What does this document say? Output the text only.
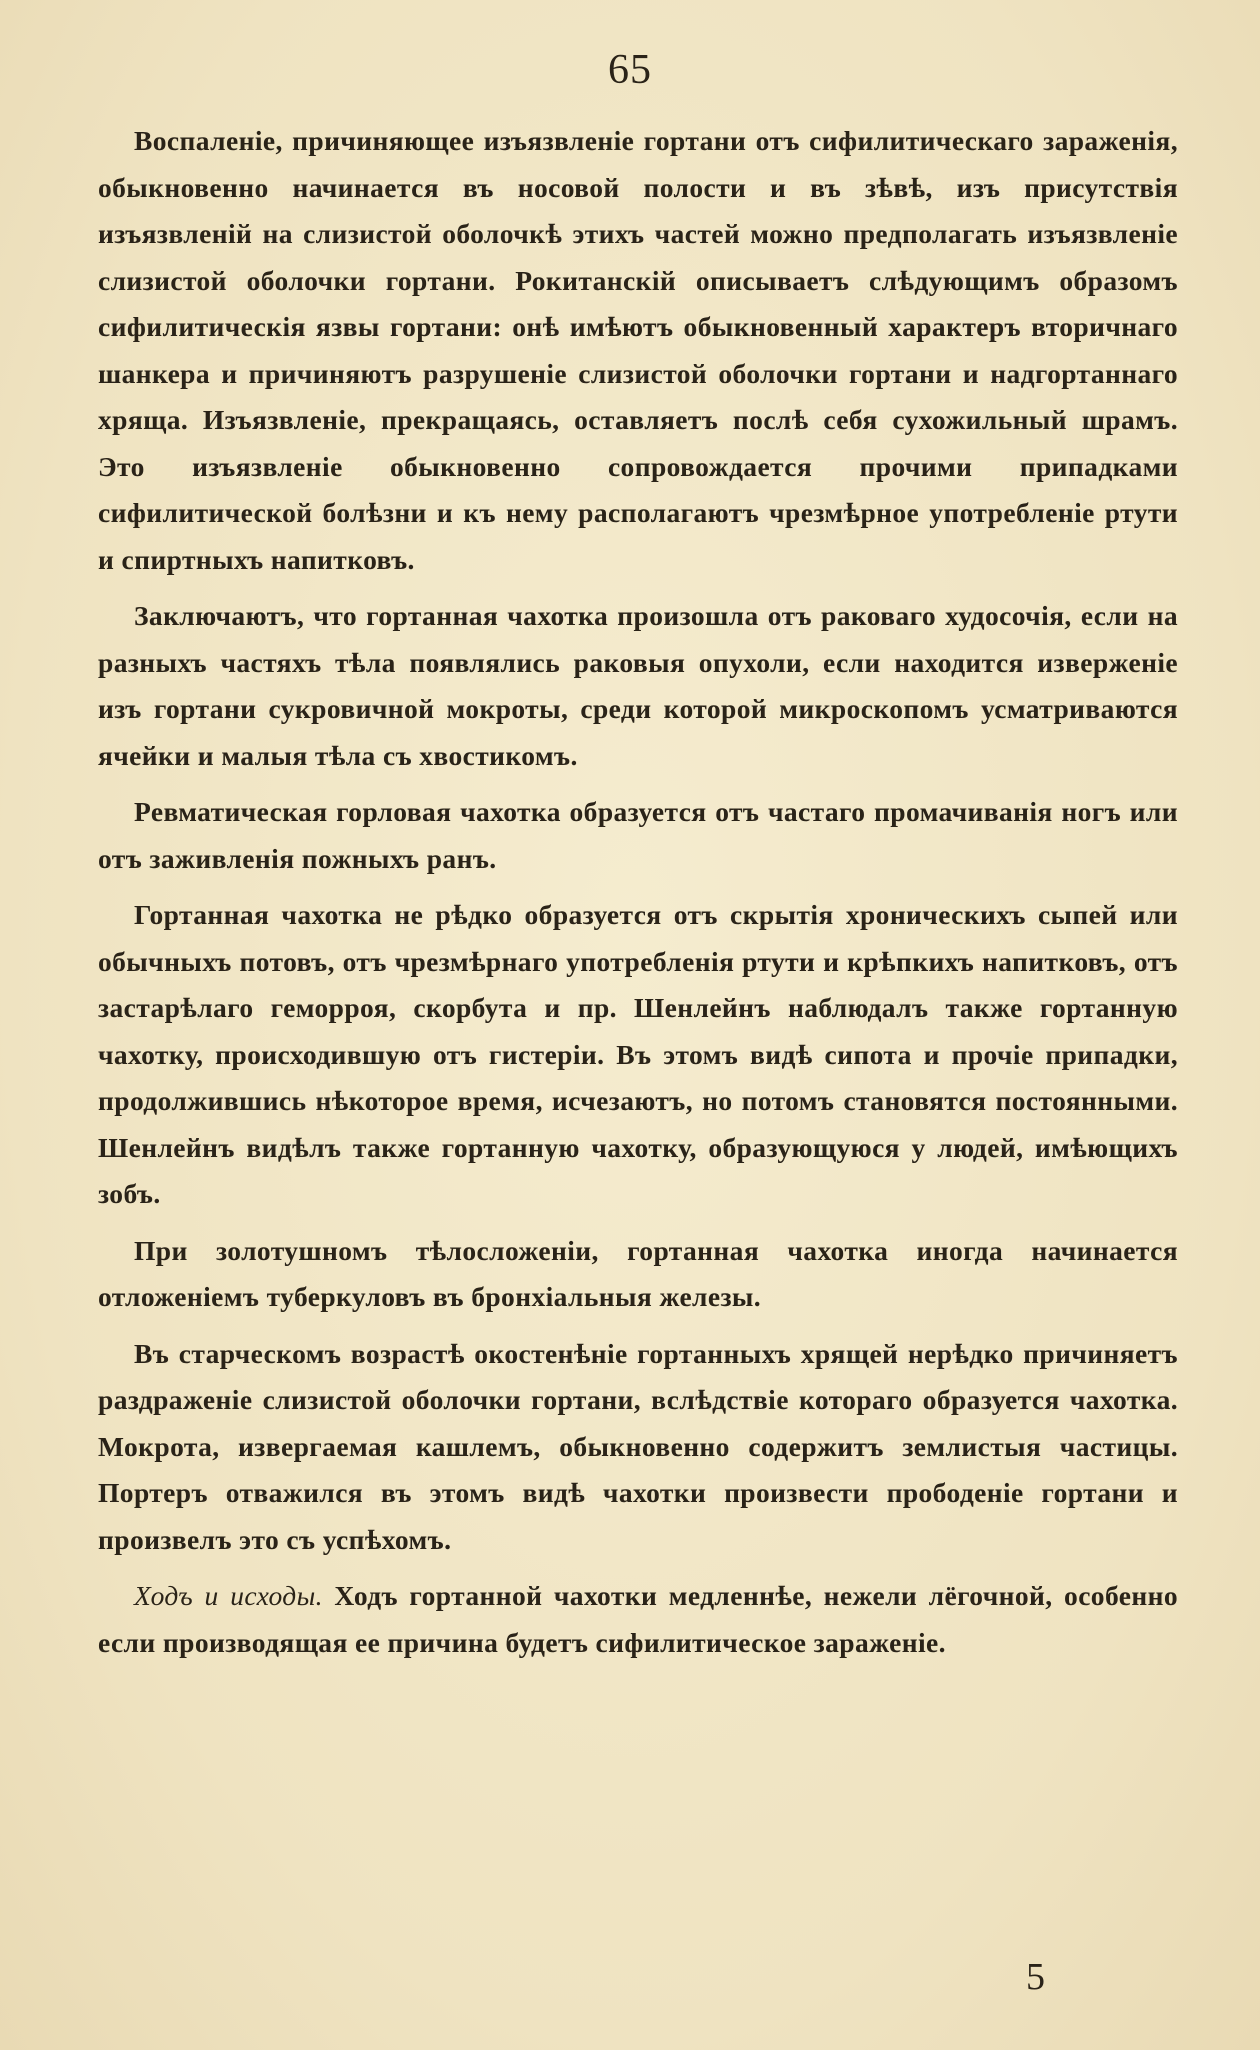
65

Воспаленіе, причиняющее изъязвленіе гортани отъ сифилитическаго зараженія, обыкновенно начинается въ носовой полости и въ зѣвѣ, изъ присутствія изъязвленій на слизистой оболочкѣ этихъ частей можно предполагать изъязвленіе слизистой оболочки гортани. Рокитанскій описываетъ слѣдующимъ образомъ сифилитическія язвы гортани: онѣ имѣютъ обыкновенный характеръ вторичнаго шанкера и причиняютъ разрушеніе слизистой оболочки гортани и надгортаннаго хряща. Изъязвленіе, прекращаясь, оставляетъ послѣ себя сухожильный шрамъ. Это изъязвленіе обыкновенно сопровождается прочими припадками сифилитической болѣзни и къ нему располагаютъ чрезмѣрное употребленіе ртути и спиртныхъ напитковъ.

Заключаютъ, что гортанная чахотка произошла отъ раковаго худосочія, если на разныхъ частяхъ тѣла появлялись раковыя опухоли, если находится изверженіе изъ гортани сукровичной мокроты, среди которой микроскопомъ усматриваются ячейки и малыя тѣла съ хвостикомъ.

Ревматическая горловая чахотка образуется отъ частаго промачиванія ногъ или отъ заживленія пожныхъ ранъ.

Гортанная чахотка не рѣдко образуется отъ скрытія хроническихъ сыпей или обычныхъ потовъ, отъ чрезмѣрнаго употребленія ртути и крѣпкихъ напитковъ, отъ застарѣлаго геморроя, скорбута и пр. Шенлейнъ наблюдалъ также гортанную чахотку, происходившую отъ гистеріи. Въ этомъ видѣ сипота и прочіе припадки, продолжившись нѣкоторое время, исчезаютъ, но потомъ становятся постоянными. Шенлейнъ видѣлъ также гортанную чахотку, образующуюся у людей, имѣющихъ зобъ.

При золотушномъ тѣлосложеніи, гортанная чахотка иногда начинается отложеніемъ туберкуловъ въ бронхіальныя железы.

Въ старческомъ возрастѣ окостенѣніе гортанныхъ хрящей нерѣдко причиняетъ раздраженіе слизистой оболочки гортани, вслѣдствіе котораго образуется чахотка. Мокрота, извергаемая кашлемъ, обыкновенно содержитъ землистыя частицы. Портеръ отважился въ этомъ видѣ чахотки произвести прободеніе гортани и произвелъ это съ успѣхомъ.

Ходъ и исходы. Ходъ гортанной чахотки медленнѣе, нежели лёгочной, особенно если производящая ее причина будетъ сифилитическое зараженіе.

5
